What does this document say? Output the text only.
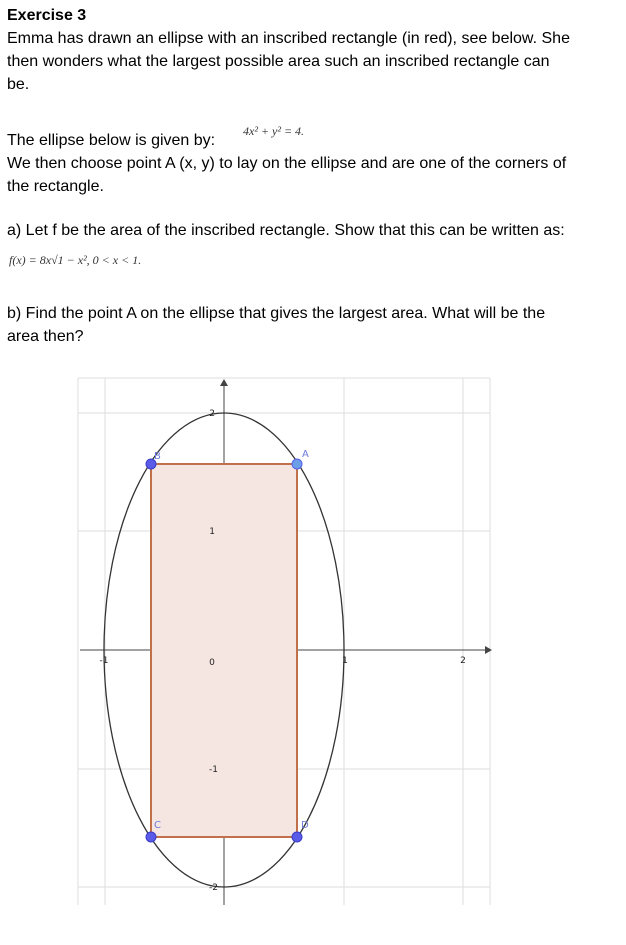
Exercise 3
Emma has drawn an ellipse with an inscribed rectangle (in red), see below. She
then wonders what the largest possible area such an inscribed rectangle can
be.
The ellipse below is given by:
4x² + y² = 4.
We then choose point A (x, y) to lay on the ellipse and are one of the corners of
the rectangle.
a) Let f be the area of the inscribed rectangle. Show that this can be written as:
f(x) = 8x√1 − x², 0 < x < 1.
b) Find the point A on the ellipse that gives the largest area. What will be the
area then?
-1	0	1	2
2
1
-1
-2
A
B
C	D
